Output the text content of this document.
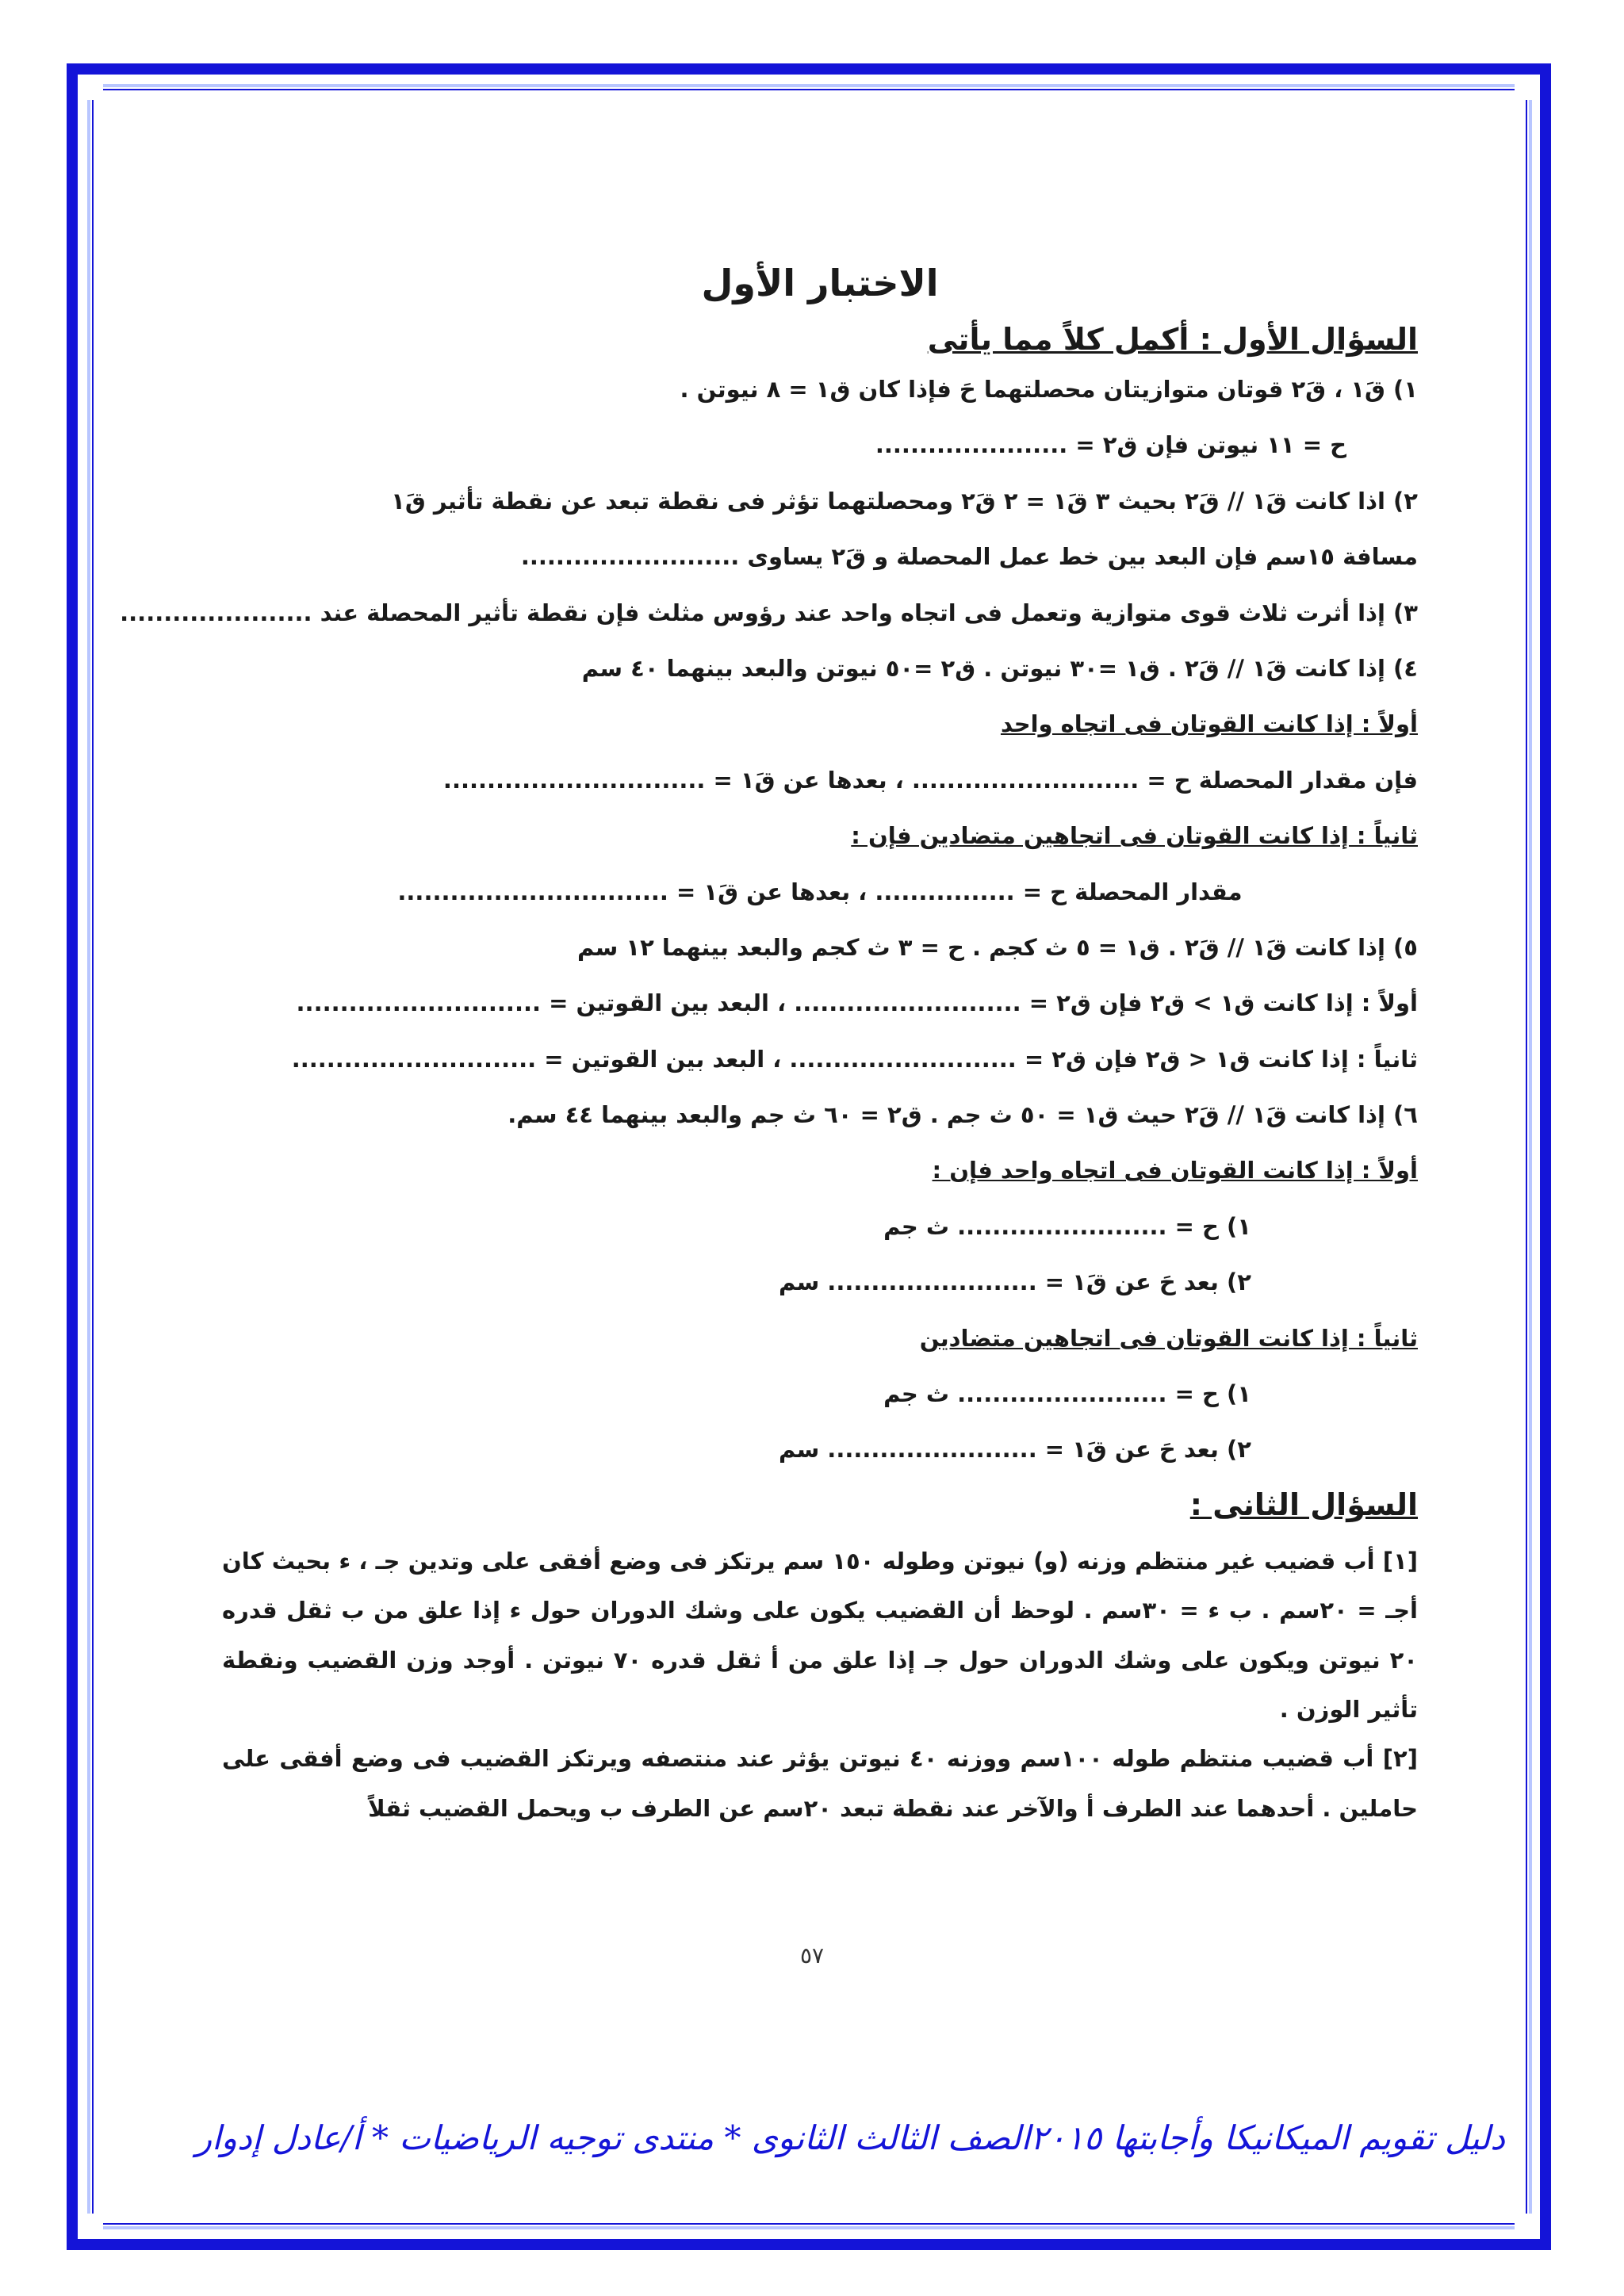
الاختبار الأول
السؤال الأول : أكمل كلاً مما يأتى
١) قَ١ ، قَ٢ قوتان متوازيتان محصلتهما حَ فإذا كان ق١ = ٨ نيوتن .
ح = ١١ نيوتن فإن ق٢ = ......................
٢) اذا كانت قَ١ // قَ٢ بحيث ٣ قَ١ = ٢ قَ٢ ومحصلتهما تؤثر فى نقطة تبعد عن نقطة تأثير قَ١
مسافة ١٥سم فإن البعد بين خط عمل المحصلة و قَ٢ يساوى .........................
٣) إذا أثرت ثلاث قوى متوازية وتعمل فى اتجاه واحد عند رؤوس مثلث فإن نقطة تأثير المحصلة عند ......................
٤) إذا كانت قَ١ // قَ٢ . ق١ =٣٠ نيوتن . ق٢ =٥٠ نيوتن والبعد بينهما ٤٠ سم
أولاً : إذا كانت القوتان فى اتجاه واحد
فإن مقدار المحصلة ح = .......................... ، بعدها عن قَ١ = ..............................
ثانياً : إذا كانت القوتان فى اتجاهين متضادين فإن :
مقدار المحصلة ح = ................ ، بعدها عن قَ١ = ...............................
٥) إذا كانت قَ١ // قَ٢ . ق١ = ٥ ث كجم . ح = ٣ ث كجم والبعد بينهما ١٢ سم
أولاً : إذا كانت ق١ > ق٢ فإن ق٢ = .......................... ، البعد بين القوتين = ............................
ثانياً : إذا كانت ق١ < ق٢ فإن ق٢ = .......................... ، البعد بين القوتين = ............................
٦) إذا كانت قَ١ // قَ٢ حيث ق١ = ٥٠ ث جم . ق٢ = ٦٠ ث جم والبعد بينهما ٤٤ سم.
أولاً : إذا كانت القوتان فى اتجاه واحد فإن :
١) ح = ........................ ث جم
٢) بعد حَ عن قَ١ = ........................ سم
ثانياً : إذا كانت القوتان فى اتجاهين متضادين
١) ح = ........................ ث جم
٢) بعد حَ عن قَ١ = ........................ سم
السؤال الثانى :
[١] أب قضيب غير منتظم وزنه (و) نيوتن وطوله ١٥٠ سم يرتكز فى وضع أفقى على وتدين جـ ، ء بحيث كان أجـ = ٢٠سم . ب ء = ٣٠سم . لوحظ أن القضيب يكون على وشك الدوران حول ء إذا علق من ب ثقل قدره ٢٠ نيوتن ويكون على وشك الدوران حول جـ إذا علق من أ ثقل قدره ٧٠ نيوتن . أوجد وزن القضيب ونقطة تأثير الوزن .
[٢] أب قضيب منتظم طوله ١٠٠سم ووزنه ٤٠ نيوتن يؤثر عند منتصفه ويرتكز القضيب فى وضع أفقى على حاملين . أحدهما عند الطرف أ والآخر عند نقطة تبعد ٢٠سم عن الطرف ب ويحمل القضيب ثقلاً
٥٧
دليل تقويم الميكانيكا وأجابتها ٢٠١٥الصف الثالث الثانوى * منتدى توجيه الرياضيات * أ/عادل إدوار
